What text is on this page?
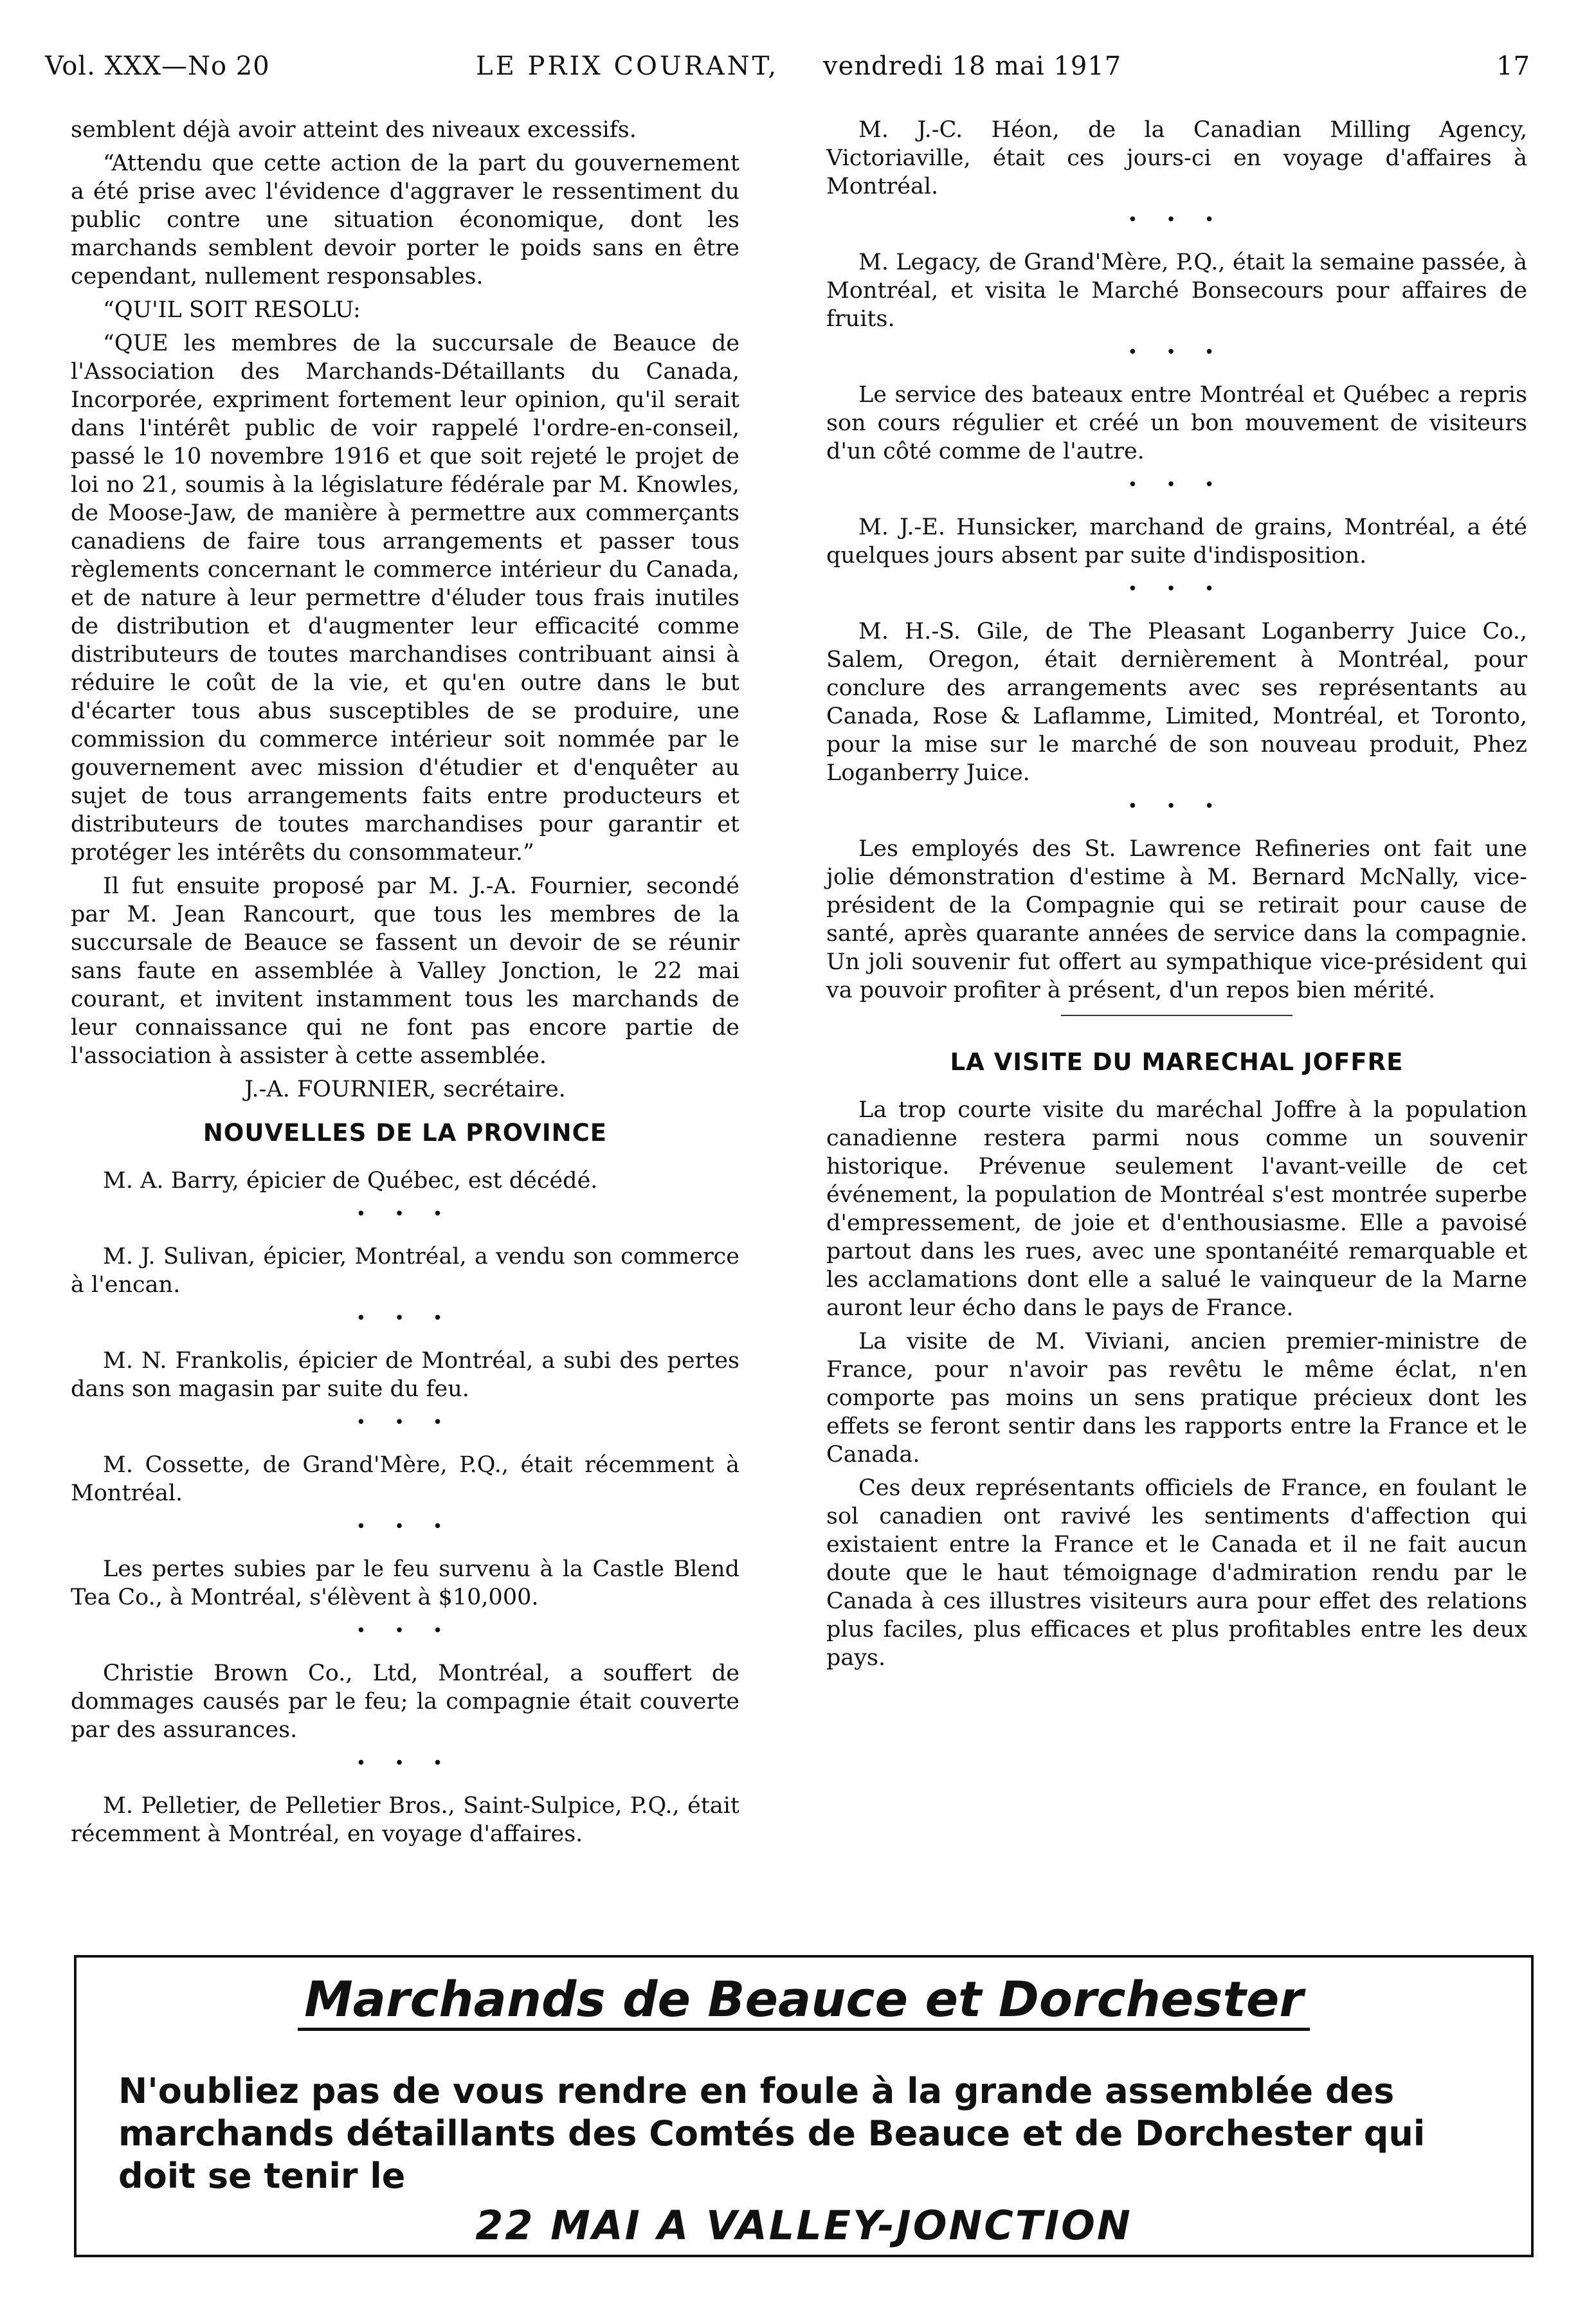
Vol. XXX—No 20	LE PRIX COURANT, vendredi 18 mai 1917	17

semblent déjà avoir atteint des niveaux excessifs.

“Attendu que cette action de la part du gouvernement a été prise avec l'évidence d'aggraver le ressentiment du public contre une situation économique, dont les marchands semblent devoir porter le poids sans en être cependant, nullement responsables.

“QU'IL SOIT RESOLU:

“QUE les membres de la succursale de Beauce de l'Association des Marchands-Détaillants du Canada, Incorporée, expriment fortement leur opinion, qu'il serait dans l'intérêt public de voir rappelé l'ordre-en-conseil, passé le 10 novembre 1916 et que soit rejeté le projet de loi no 21, soumis à la législature fédérale par M. Knowles, de Moose-Jaw, de manière à permettre aux commerçants canadiens de faire tous arrangements et passer tous règlements concernant le commerce intérieur du Canada, et de nature à leur permettre d'éluder tous frais inutiles de distribution et d'augmenter leur efficacité comme distributeurs de toutes marchandises contribuant ainsi à réduire le coût de la vie, et qu'en outre dans le but d'écarter tous abus susceptibles de se produire, une commission du commerce intérieur soit nommée par le gouvernement avec mission d'étudier et d'enquêter au sujet de tous arrangements faits entre producteurs et distributeurs de toutes marchandises pour garantir et protéger les intérêts du consommateur.”

Il fut ensuite proposé par M. J.-A. Fournier, secondé par M. Jean Rancourt, que tous les membres de la succursale de Beauce se fassent un devoir de se réunir sans faute en assemblée à Valley Jonction, le 22 mai courant, et invitent instamment tous les marchands de leur connaissance qui ne font pas encore partie de l'association à assister à cette assemblée.

J.-A. FOURNIER, secrétaire.
NOUVELLES DE LA PROVINCE

M. A. Barry, épicier de Québec, est décédé.

• • •

M. J. Sulivan, épicier, Montréal, a vendu son commerce à l'encan.

• • •

M. N. Frankolis, épicier de Montréal, a subi des pertes dans son magasin par suite du feu.

• • •

M. Cossette, de Grand'Mère, P.Q., était récemment à Montréal.

• • •

Les pertes subies par le feu survenu à la Castle Blend Tea Co., à Montréal, s'élèvent à $10,000.

• • •

Christie Brown Co., Ltd, Montréal, a souffert de dommages causés par le feu; la compagnie était couverte par des assurances.

• • •

M. Pelletier, de Pelletier Bros., Saint-Sulpice, P.Q., était récemment à Montréal, en voyage d'affaires.

M. J.-C. Héon, de la Canadian Milling Agency, Victoriaville, était ces jours-ci en voyage d'affaires à Montréal.

• • •

M. Legacy, de Grand'Mère, P.Q., était la semaine passée, à Montréal, et visita le Marché Bonsecours pour affaires de fruits.

• • •

Le service des bateaux entre Montréal et Québec a repris son cours régulier et créé un bon mouvement de visiteurs d'un côté comme de l'autre.

• • •

M. J.-E. Hunsicker, marchand de grains, Montréal, a été quelques jours absent par suite d'indisposition.

• • •

M. H.-S. Gile, de The Pleasant Loganberry Juice Co., Salem, Oregon, était dernièrement à Montréal, pour conclure des arrangements avec ses représentants au Canada, Rose & Laflamme, Limited, Montréal, et Toronto, pour la mise sur le marché de son nouveau produit, Phez Loganberry Juice.

• • •

Les employés des St. Lawrence Refineries ont fait une jolie démonstration d'estime à M. Bernard McNally, vice-président de la Compagnie qui se retirait pour cause de santé, après quarante années de service dans la compagnie. Un joli souvenir fut offert au sympathique vice-président qui va pouvoir profiter à présent, d'un repos bien mérité.

LA VISITE DU MARECHAL JOFFRE

La trop courte visite du maréchal Joffre à la population canadienne restera parmi nous comme un souvenir historique. Prévenue seulement l'avant-veille de cet événement, la population de Montréal s'est montrée superbe d'empressement, de joie et d'enthousiasme. Elle a pavoisé partout dans les rues, avec une spontanéité remarquable et les acclamations dont elle a salué le vainqueur de la Marne auront leur écho dans le pays de France.

La visite de M. Viviani, ancien premier-ministre de France, pour n'avoir pas revêtu le même éclat, n'en comporte pas moins un sens pratique précieux dont les effets se feront sentir dans les rapports entre la France et le Canada.

Ces deux représentants officiels de France, en foulant le sol canadien ont ravivé les sentiments d'affection qui existaient entre la France et le Canada et il ne fait aucun doute que le haut témoignage d'admiration rendu par le Canada à ces illustres visiteurs aura pour effet des relations plus faciles, plus efficaces et plus profitables entre les deux pays.

Marchands de Beauce et Dorchester
N'oubliez pas de vous rendre en foule à la grande assemblée des marchands détaillants des Comtés de Beauce et de Dorchester qui doit se tenir le
22 MAI A VALLEY-JONCTION
